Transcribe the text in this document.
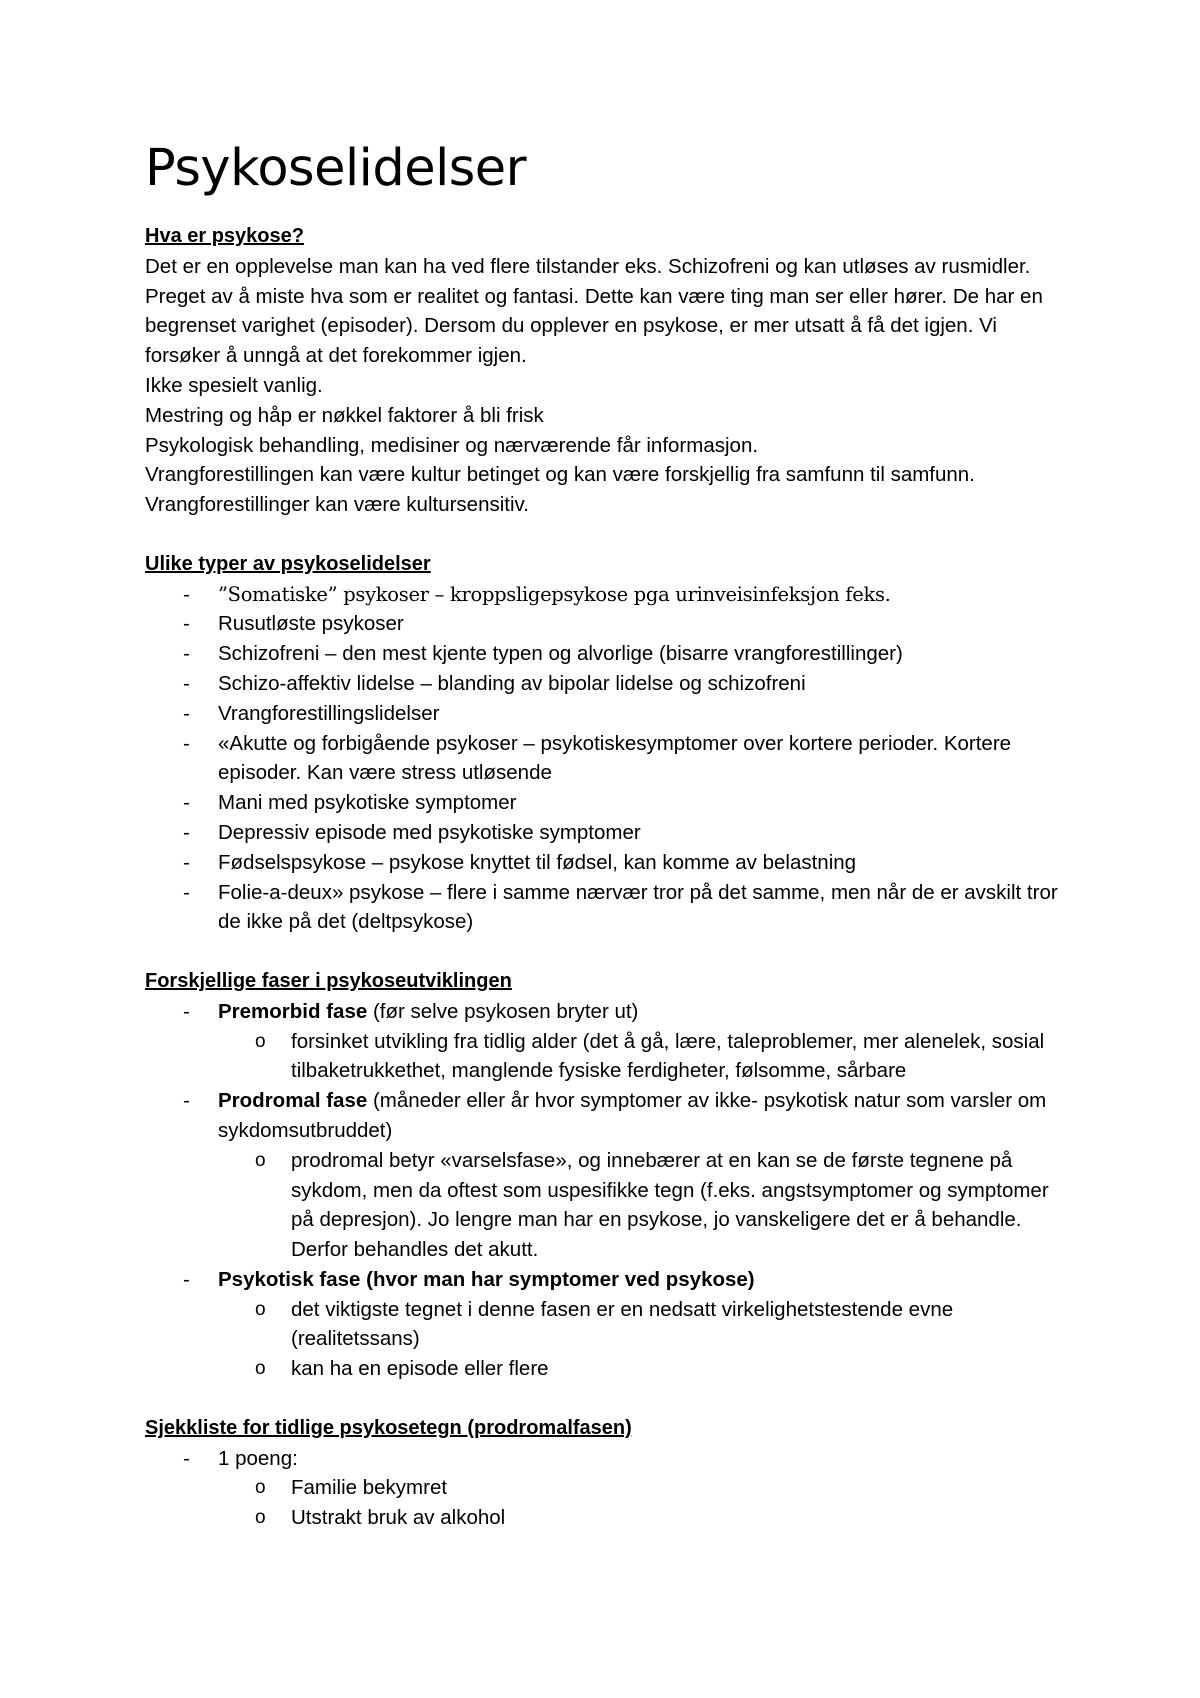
Psykoselidelser

Hva er psykose?

Det er en opplevelse man kan ha ved flere tilstander eks. Schizofreni og kan utløses av rusmidler. Preget av å miste hva som er realitet og fantasi. Dette kan være ting man ser eller hører. De har en begrenset varighet (episoder). Dersom du opplever en psykose, er mer utsatt å få det igjen. Vi forsøker å unngå at det forekommer igjen.

Ikke spesielt vanlig.

Mestring og håp er nøkkel faktorer å bli frisk

Psykologisk behandling, medisiner og nærværende får informasjon.

Vrangforestillingen kan være kultur betinget og kan være forskjellig fra samfunn til samfunn.

Vrangforestillinger kan være kultursensitiv.

Ulike typer av psykoselidelser

- ”Somatiske” psykoser – kroppsligepsykose pga urinveisinfeksjon feks.
- Rusutløste psykoser
- Schizofreni – den mest kjente typen og alvorlige (bisarre vrangforestillinger)
- Schizo-affektiv lidelse – blanding av bipolar lidelse og schizofreni
- Vrangforestillingslidelser
- «Akutte og forbigående psykoser – psykotiskesymptomer over kortere perioder. Kortere episoder. Kan være stress utløsende
- Mani med psykotiske symptomer
- Depressiv episode med psykotiske symptomer
- Fødselspsykose – psykose knyttet til fødsel, kan komme av belastning
- Folie-a-deux» psykose – flere i samme nærvær tror på det samme, men når de er avskilt tror de ikke på det (deltpsykose)

Forskjellige faser i psykoseutviklingen

- Premorbid fase (før selve psykosen bryter ut)
o forsinket utvikling fra tidlig alder (det å gå, lære, taleproblemer, mer alenelek, sosial tilbaketrukkethet, manglende fysiske ferdigheter, følsomme, sårbare
- Prodromal fase (måneder eller år hvor symptomer av ikke- psykotisk natur som varsler om sykdomsutbruddet)
o prodromal betyr «varselsfase», og innebærer at en kan se de første tegnene på sykdom, men da oftest som uspesifikke tegn (f.eks. angstsymptomer og symptomer på depresjon). Jo lengre man har en psykose, jo vanskeligere det er å behandle. Derfor behandles det akutt.
- Psykotisk fase (hvor man har symptomer ved psykose)
o det viktigste tegnet i denne fasen er en nedsatt virkelighetstestende evne (realitetssans)
o kan ha en episode eller flere

Sjekkliste for tidlige psykosetegn (prodromalfasen)

- 1 poeng:
o Familie bekymret
o Utstrakt bruk av alkohol
